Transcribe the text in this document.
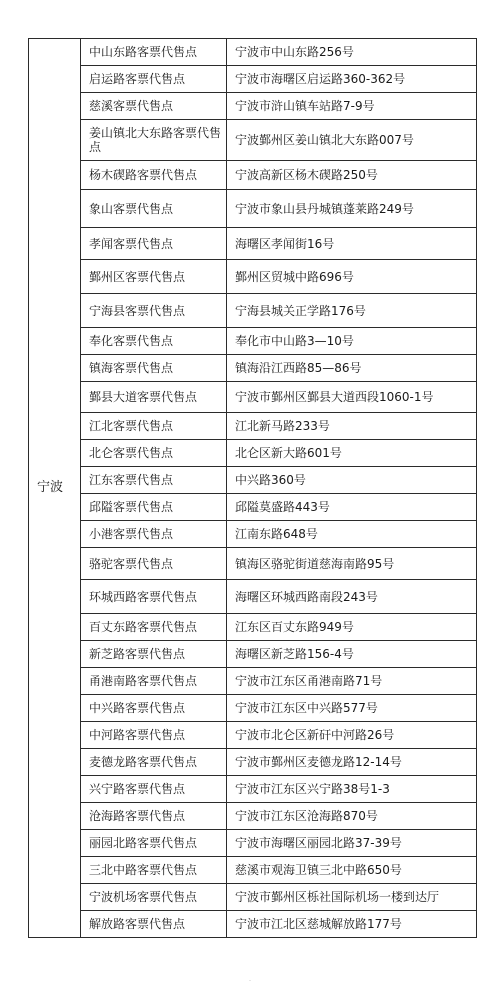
宁波	中山东路客票代售点	宁波市中山东路256号
	启运路客票代售点	宁波市海曙区启运路360-362号
	慈溪客票代售点	宁波市浒山镇车站路7-9号
	姜山镇北大东路客票代售点	宁波鄞州区姜山镇北大东路007号
	杨木碶路客票代售点	宁波高新区杨木碶路250号
	象山客票代售点	宁波市象山县丹城镇蓬莱路249号
	孝闻客票代售点	海曙区孝闻街16号
	鄞州区客票代售点	鄞州区贸城中路696号
	宁海县客票代售点	宁海县城关正学路176号
	奉化客票代售点	奉化市中山路3—10号
	镇海客票代售点	镇海沿江西路85—86号
	鄞县大道客票代售点	宁波市鄞州区鄞县大道西段1060-1号
	江北客票代售点	江北新马路233号
	北仑客票代售点	北仑区新大路601号
	江东客票代售点	中兴路360号
	邱隘客票代售点	邱隘莫盛路443号
	小港客票代售点	江南东路648号
	骆驼客票代售点	镇海区骆驼街道慈海南路95号
	环城西路客票代售点	海曙区环城西路南段243号
	百丈东路客票代售点	江东区百丈东路949号
	新芝路客票代售点	海曙区新芝路156-4号
	甬港南路客票代售点	宁波市江东区甬港南路71号
	中兴路客票代售点	宁波市江东区中兴路577号
	中河路客票代售点	宁波市北仑区新矸中河路26号
	麦德龙路客票代售点	宁波市鄞州区麦德龙路12-14号
	兴宁路客票代售点	宁波市江东区兴宁路38号1-3
	沧海路客票代售点	宁波市江东区沧海路870号
	丽园北路客票代售点	宁波市海曙区丽园北路37-39号
	三北中路客票代售点	慈溪市观海卫镇三北中路650号
	宁波机场客票代售点	宁波市鄞州区栎社国际机场一楼到达厅
	解放路客票代售点	宁波市江北区慈城解放路177号
.
